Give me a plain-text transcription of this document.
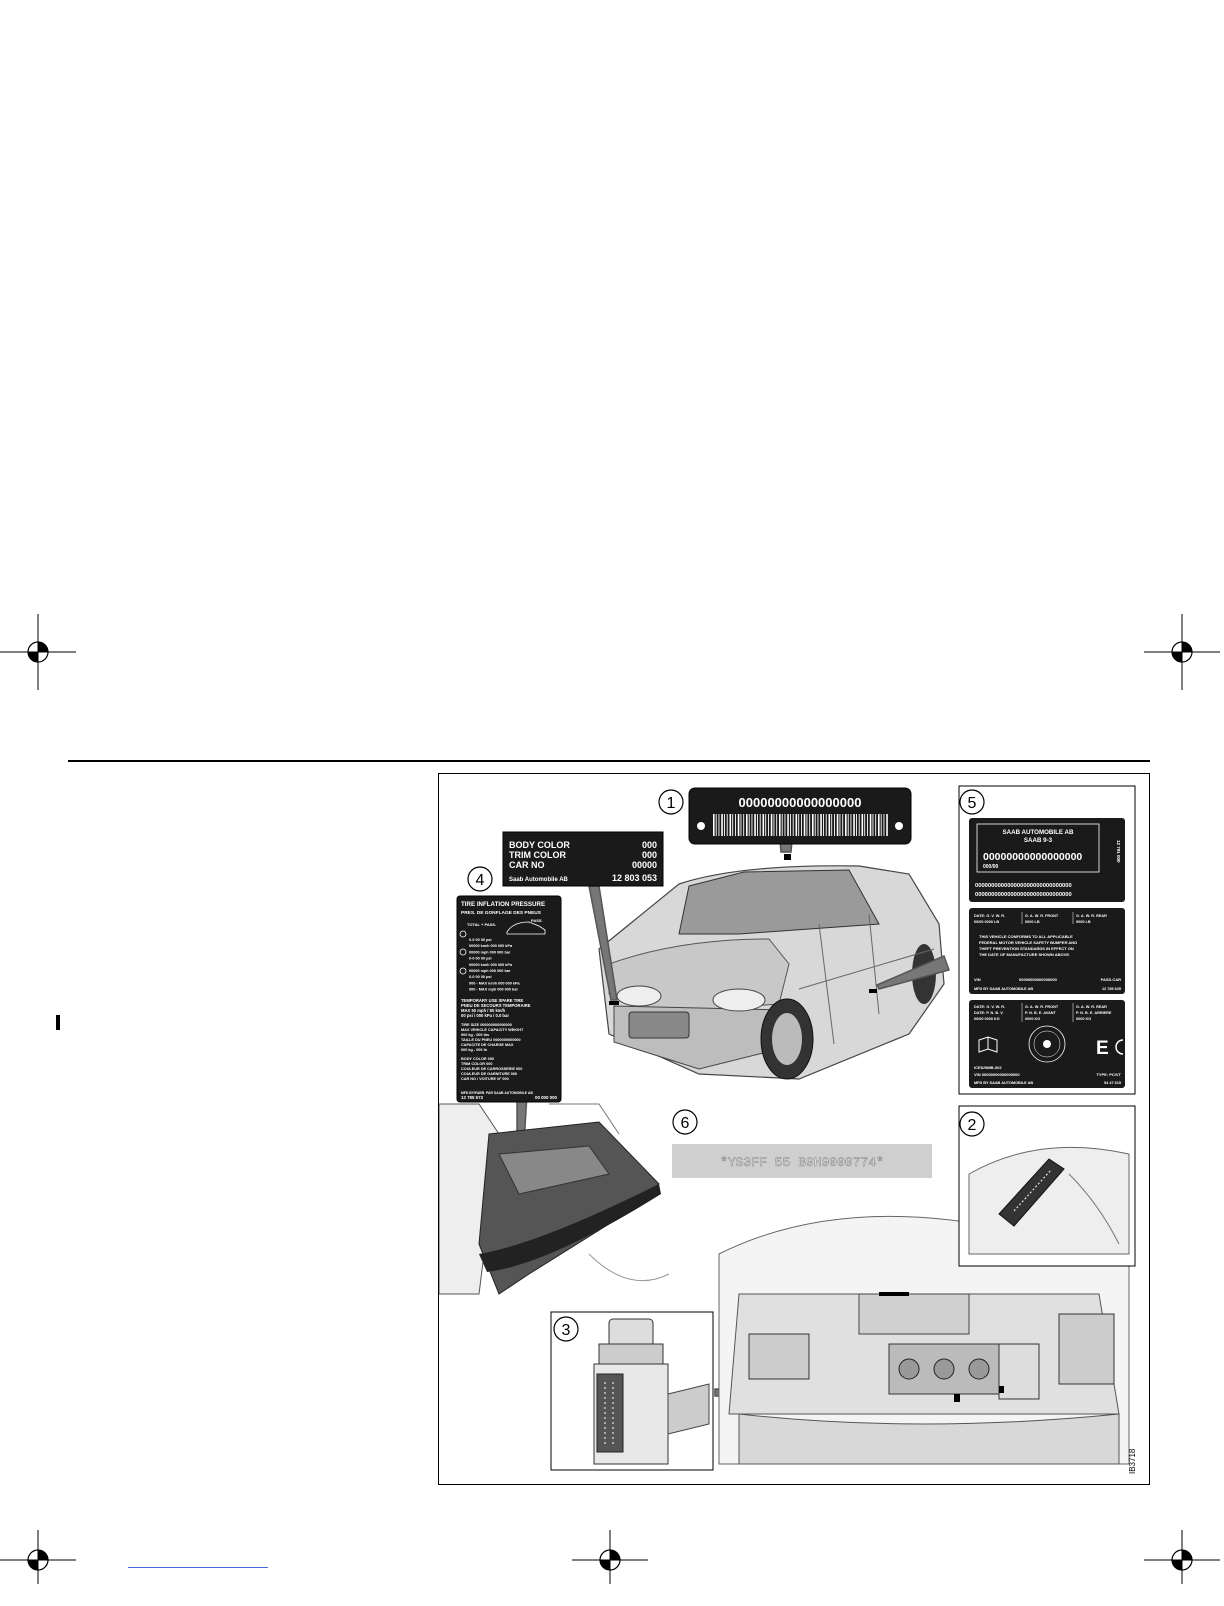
00000000000000000
1
BODY COLOR	000
TRIM COLOR	000
CAR NO	00000
Saab Automobile AB	12 803 053
4
TIRE INFLATION PRESSURE
PRES. DE GONFLAGE DES PNEUS
TOTAL + PASS.
PASS.
0-0 00 00 psi
00000 km/h 000 000 kPa
00000 mph 000 000 bar
0-0 00 00 psi
00000 km/h 000 000 kPa
00000 mph 000 000 bar
0-0 00 00 psi
000 - MAX km/h 000 000 kPa
000 - MAX mph 000 000 bar
TEMPORARY USE SPARE TIRE
PNEU DE SECOURS TEMPORAIRE
MAX 50 mph / 80 km/h
00 psi / 000 kPa / 0.0 bar
TIRE SIZE 000000000000000
MAX VEHICLE CAPACITY WEIGHT
000 kg - 000 lbs
TAILLE DU PNEU 0000000000000
CAPACITE DE CHARGE MAX
000 kg - 000 lb
BODY COLOR 000
TRIM COLOR 000
COULEUR DE CARROSSERIE 000
COULEUR DE GARNITURE 000
CAR NO / VOITURE N° 000
MFD BY/FABR. PAR SAAB AUTOMOBILE AB
12 785 573	00 000 000
5
SAAB AUTOMOBILE AB
SAAB 9-3
00000000000000000
000/00
12 791 000
000000000000000000000000000000
000000000000000000000000000000
DATE: G. V. W. R.	G. A. W. R. FRONT	G. A. W. R. REAR
00/00 0000 LB	0000 LB	0000 LB
THIS VEHICLE CONFORMS TO ALL APPLICABLE
FEDERAL MOTOR VEHICLE SAFETY BUMPER AND
THEFT PREVENTION STANDARDS IN EFFECT ON
THE DATE OF MANUFACTURE SHOWN ABOVE.
VIN	00000000000000000	PASS.CAR
MFD BY SAAB AUTOMOBILE AB	12 785 635
DATE: G. V. W. R.	G. A. W. R. FRONT	G. A. W. R. REAR
DATE: P. N. B. V.	P. N. B. E. AVANT	P. N. B. E. ARRIERE
00/00 0000 KG	0000 KG	0000 KG
E
ICES/NMB-002
VIN 00000000000000000	TYPE: PC/VT
MFD BY SAAB AUTOMOBILE AB	54 47 615
6
*YS3FF 55 B9H9000774*
2
3
IB3718
